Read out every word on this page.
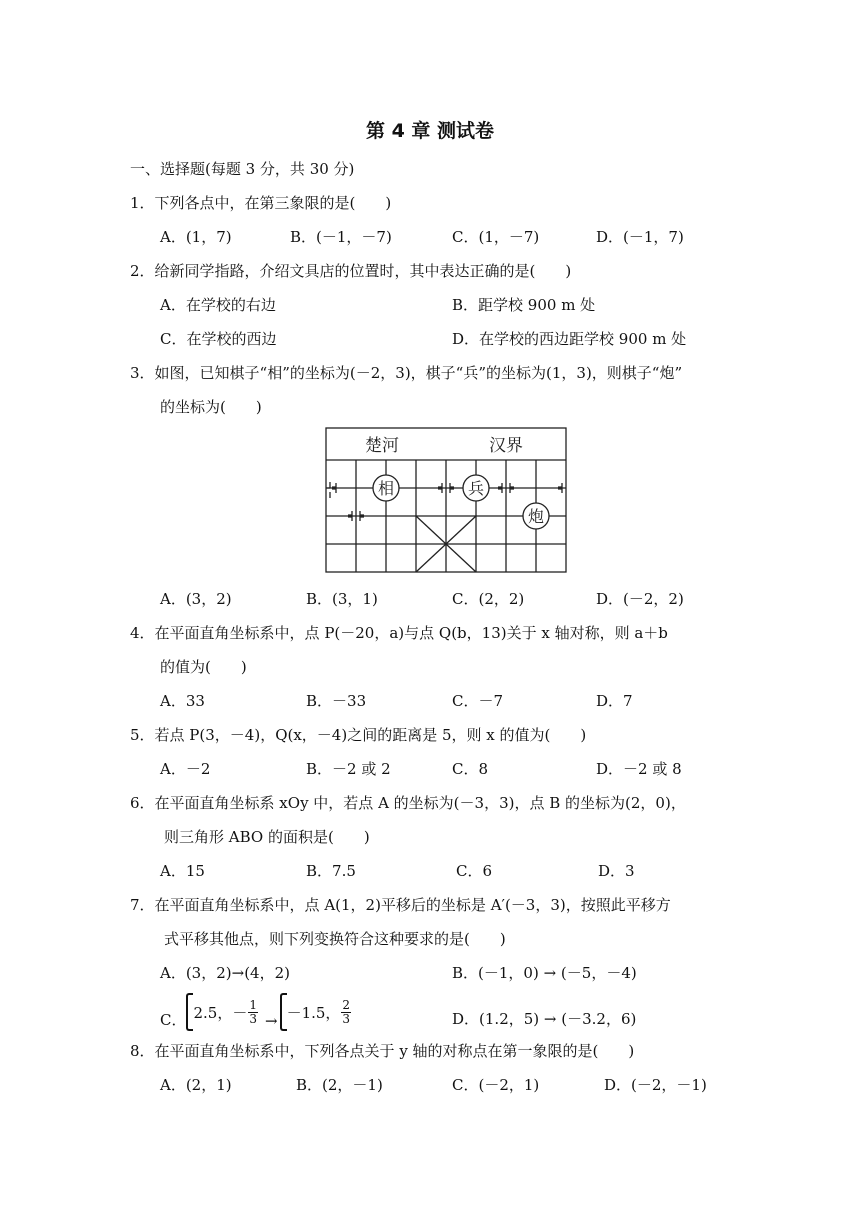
第 4 章 测试卷
一、选择题(每题 3 分，共 30 分)
1．下列各点中，在第三象限的是(　　)
A．(1，7)	B．(－1，－7)	C．(1，－7)	D．(－1，7)
2．给新同学指路，介绍文具店的位置时，其中表达正确的是(　　)
A．在学校的右边	B．距学校 900 m 处
C．在学校的西边	D．在学校的西边距学校 900 m 处
3．如图，已知棋子“相”的坐标为(－2，3)，棋子“兵”的坐标为(1，3)，则棋子“炮”
的坐标为(　　)
楚河	汉界
相	兵
炮
A．(3，2)	B．(3，1)	C．(2，2)	D．(－2，2)
4．在平面直角坐标系中，点 P(－20，a)与点 Q(b，13)关于 x 轴对称，则 a＋b
的值为(　　)
A．33	B．－33	C．－7	D．7
5．若点 P(3，－4)，Q(x，－4)之间的距离是 5，则 x 的值为(　　)
A．－2	B．－2 或 2	C．8	D．－2 或 8
6．在平面直角坐标系 xOy 中，若点 A 的坐标为(－3，3)，点 B 的坐标为(2，0)，
则三角形 ABO 的面积是(　　)
A．15	B．7.5	C．6	D．3
7．在平面直角坐标系中，点 A(1，2)平移后的坐标是 A′(－3，3)，按照此平移方
式平移其他点，则下列变换符合这种要求的是(　　)
A．(3，2)→(4，2)	B．(－1，0) → (－5，－4)
C． 2.5，－ $\frac{1}{3} \to -1.5$， $\frac{2}{3}$	D．(1.2，5) → (－3.2，6)
8．在平面直角坐标系中，下列各点关于 y 轴的对称点在第一象限的是(　　)
A．(2，1)	B．(2，－1)	C．(－2，1)	D．(－2，－1)
